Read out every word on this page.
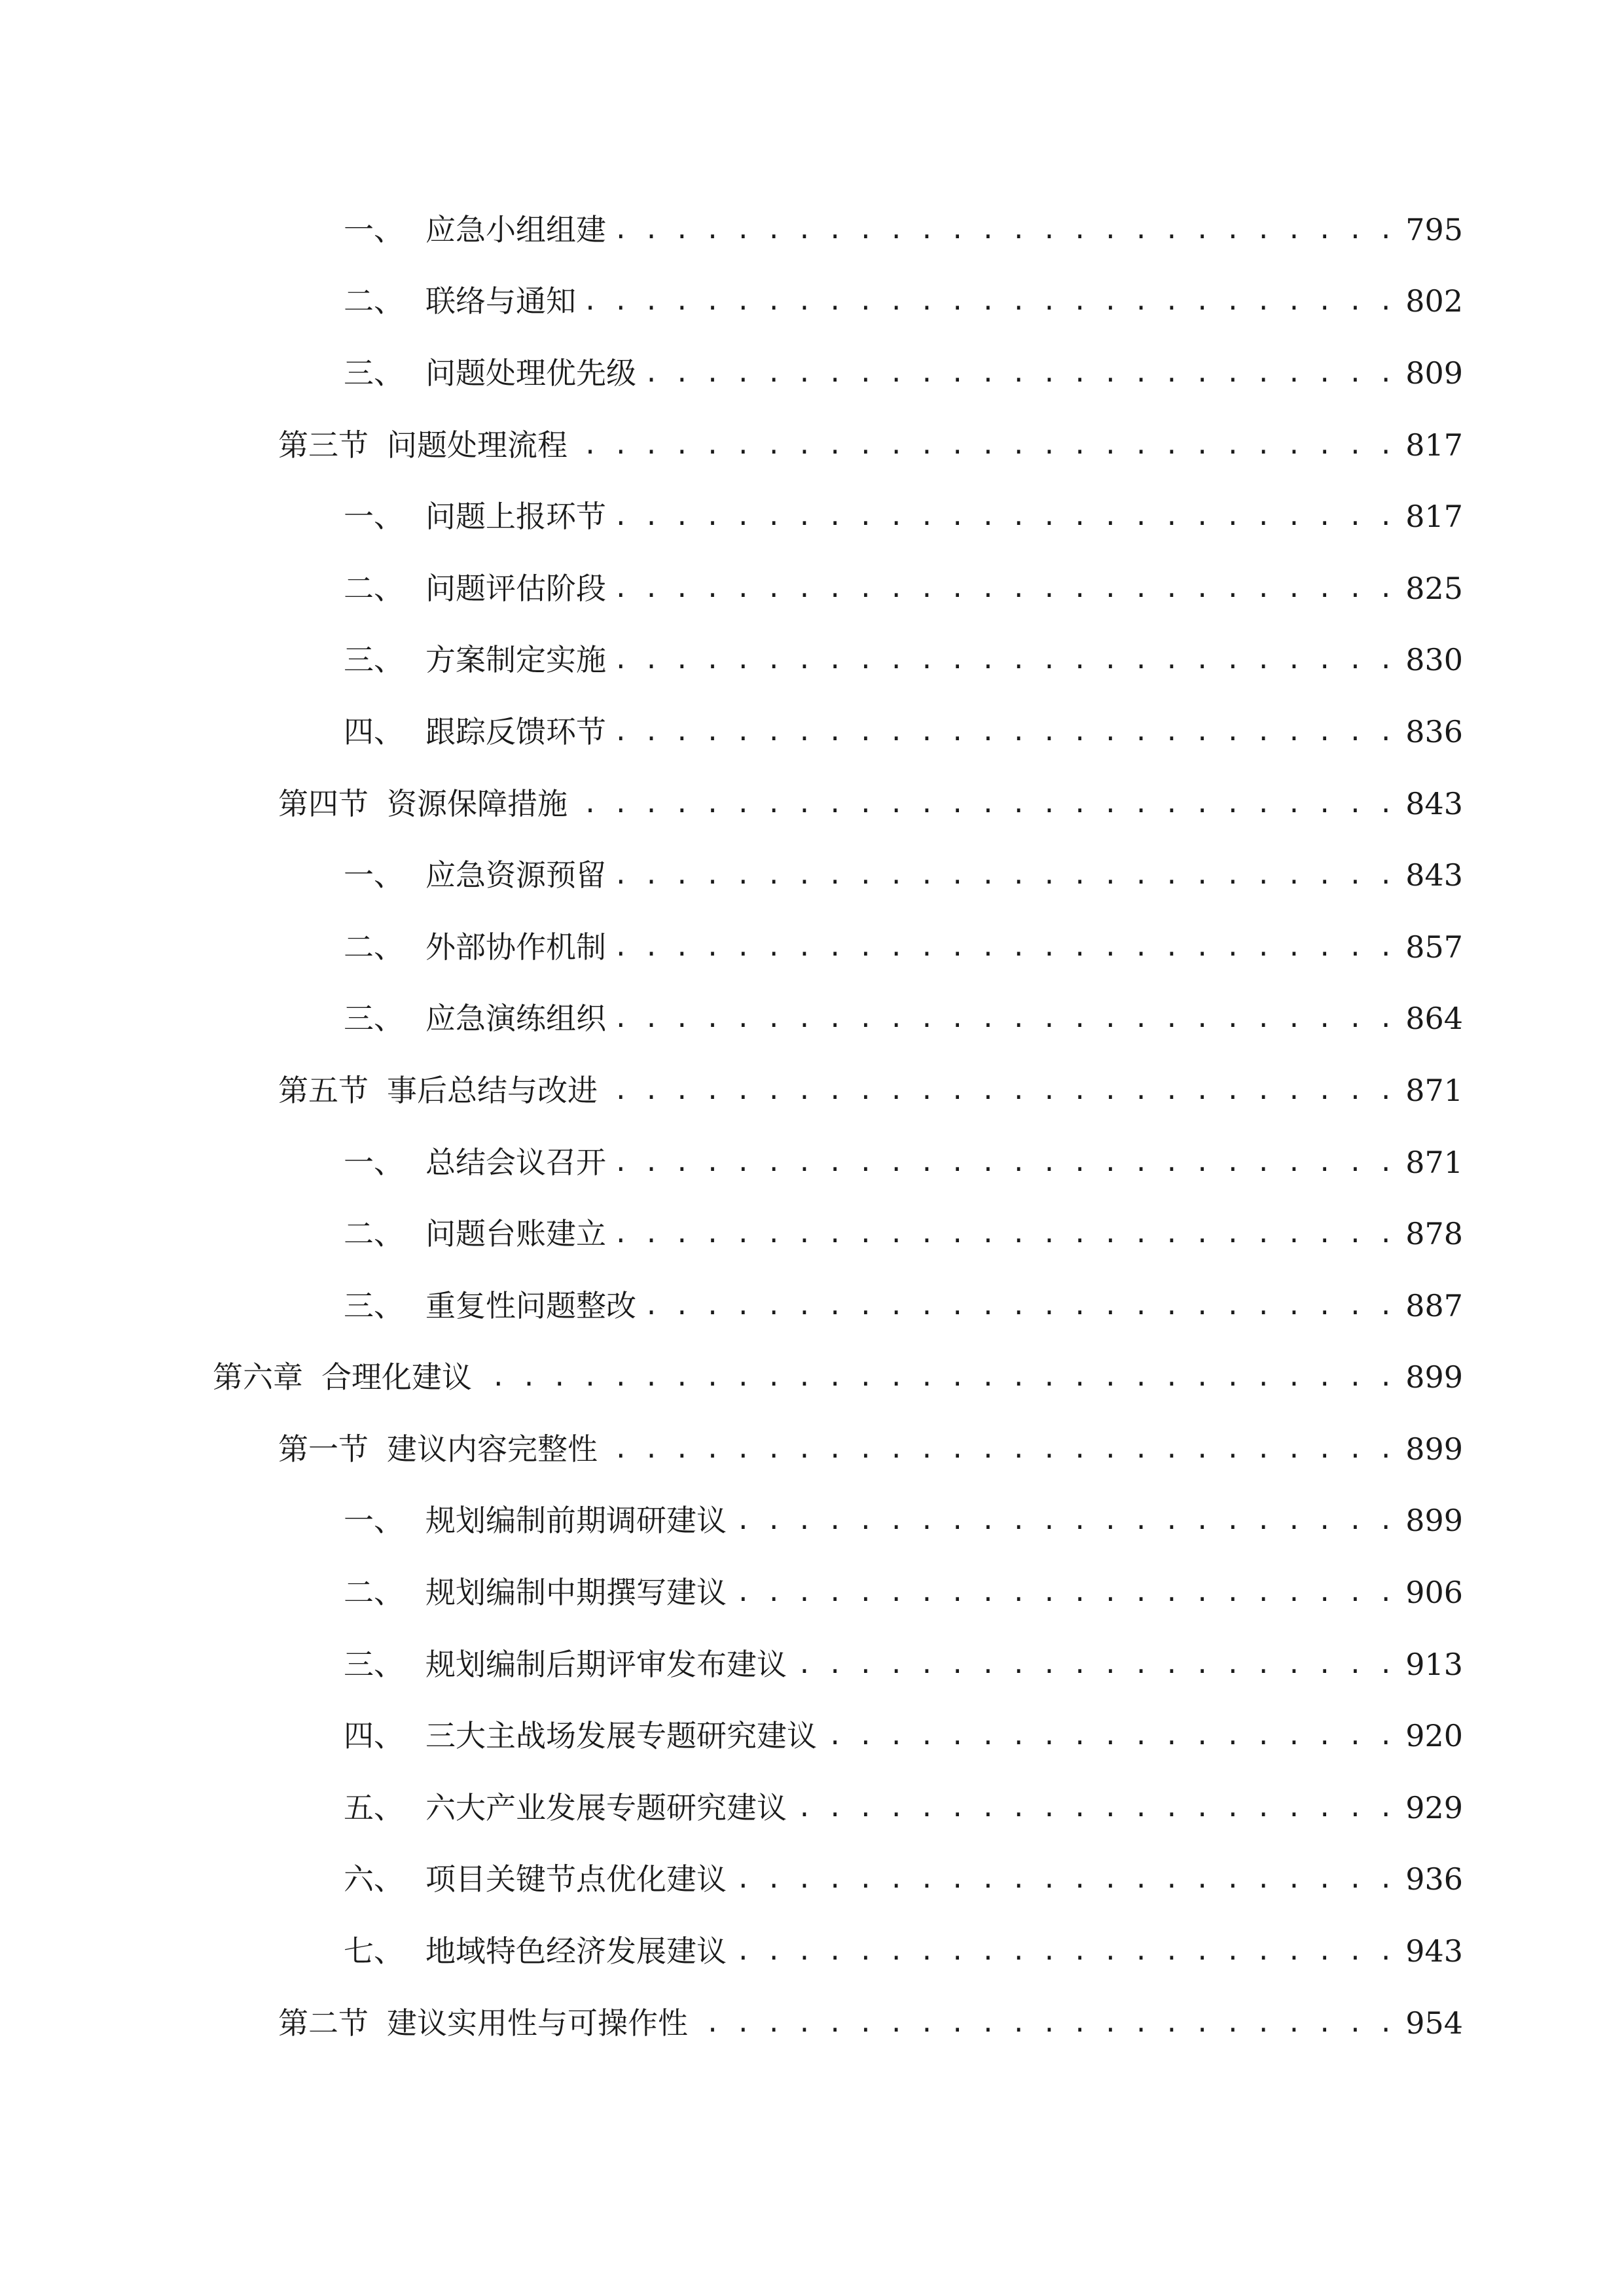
一、 应急小组组建 . . .	795
二、 联络与通知 . . .	802
三、 问题处理优先级 . . .	809
第三节 问题处理流程 . . .	817
一、 问题上报环节 . . .	817
二、 问题评估阶段 . . .	825
三、 方案制定实施 . . .	830
四、 跟踪反馈环节 . . .	836
第四节 资源保障措施 . . .	843
一、 应急资源预留 . . .	843
二、 外部协作机制 . . .	857
三、 应急演练组织 . . .	864
第五节 事后总结与改进 . . .	871
一、 总结会议召开 . . .	871
二、 问题台账建立 . . .	878
三、 重复性问题整改 . . .	887
第六章 合理化建议 . . .	899
第一节 建议内容完整性 . . .	899
一、 规划编制前期调研建议 . . .	899
二、 规划编制中期撰写建议 . . .	906
三、 规划编制后期评审发布建议 . . .	913
四、 三大主战场发展专题研究建议 . . .	920
五、 六大产业发展专题研究建议 . . .	929
六、 项目关键节点优化建议 . . .	936
七、 地域特色经济发展建议 . . .	943
第二节 建议实用性与可操作性 . . .	954
